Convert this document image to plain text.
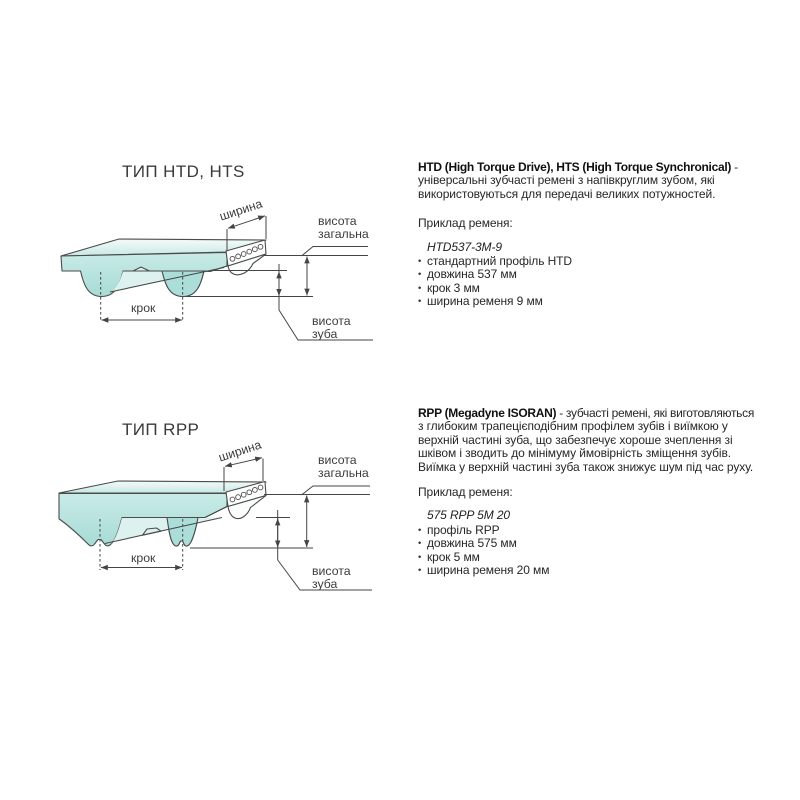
ТИП HTD, HTS
ширина	висота
загальна
крок
висота
зуба
HTD (High Torque Drive), HTS (High Torque Synchronical) -
універсальні зубчасті ремені з напівкруглим зубом, які
використовуються для передачі великих потужностей.
Приклад ременя:
HTD537-3M-9
• стандартний профіль HTD
• довжина 537 мм
• крок 3 мм
• ширина ременя 9 мм
ТИП RPP
ширина	висота
загальна
крок
висота
зуба
RPP (Megadyne ISORAN) - зубчасті ремені, які виготовляються
з глибоким трапецієподібним профілем зубів і виїмкою у
верхній частині зуба, що забезпечує хороше зчеплення зі
шківом і зводить до мінімуму ймовірність зміщення зубів.
Виїмка у верхній частині зуба також знижує шум під час руху.
Приклад ременя:
575 RPP 5M 20
• профіль RPP
• довжина 575 мм
• крок 5 мм
• ширина ременя 20 мм
